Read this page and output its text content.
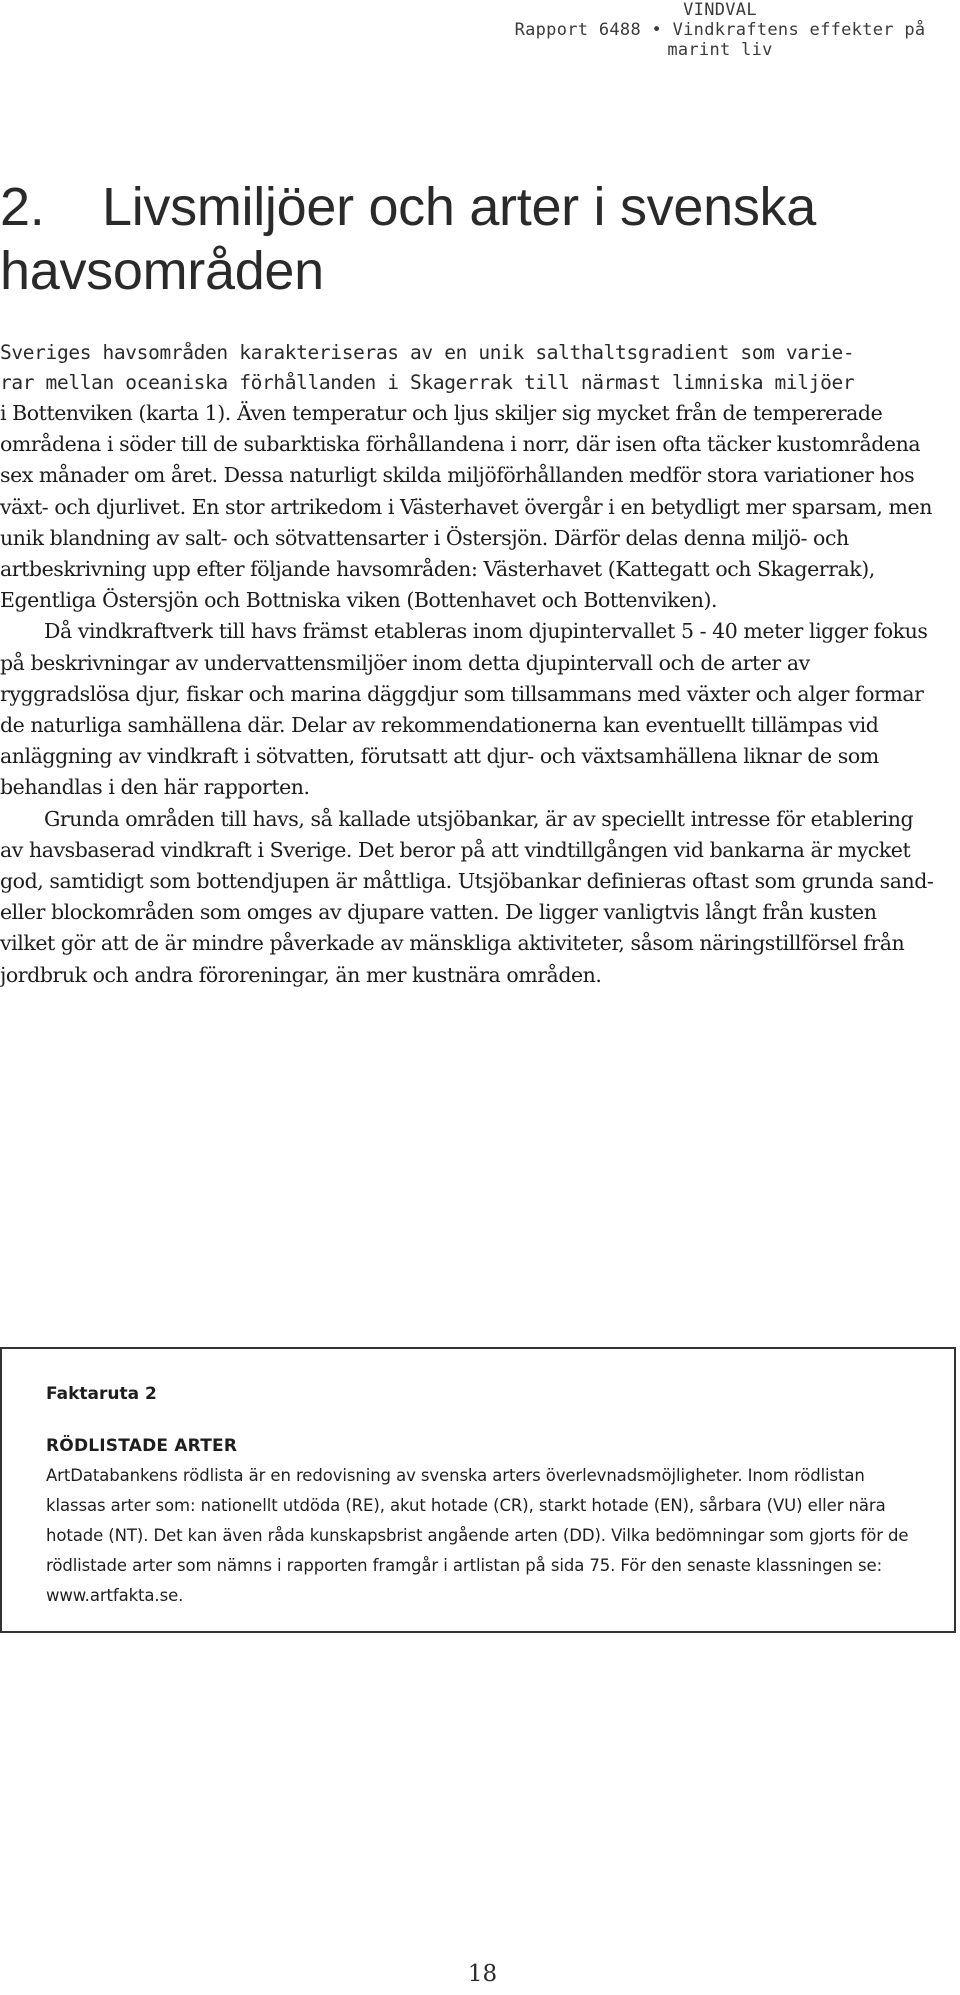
VINDVAL
Rapport 6488 • Vindkraftens effekter på marint liv
2. Livsmiljöer och arter i svenska
havsområden

Sveriges havsområden karakteriseras av en unik salthaltsgradient som varie-
rar mellan oceaniska förhållanden i Skagerrak till närmast limniska miljöer

i Bottenviken (karta 1). Även temperatur och ljus skiljer sig mycket från de tempererade områdena i söder till de subarktiska förhållandena i norr, där isen ofta täcker kustområdena sex månader om året. Dessa naturligt skilda miljöförhållanden medför stora variationer hos växt- och djurlivet. En stor artrikedom i Västerhavet övergår i en betydligt mer sparsam, men unik blandning av salt- och sötvattensarter i Östersjön. Därför delas denna miljö- och artbeskrivning upp efter följande havsområden: Västerhavet (Kattegatt och Skagerrak), Egentliga Östersjön och Bottniska viken (Bottenhavet och Bottenviken).

Då vindkraftverk till havs främst etableras inom djupintervallet 5 - 40 meter ligger fokus på beskrivningar av undervattensmiljöer inom detta djupintervall och de arter av ryggradslösa djur, fiskar och marina däggdjur som tillsammans med växter och alger formar de naturliga samhällena där. Delar av rekommendationerna kan eventuellt tillämpas vid anläggning av vindkraft i sötvatten, förutsatt att djur- och växtsamhällena liknar de som behandlas i den här rapporten.

Grunda områden till havs, så kallade utsjöbankar, är av speciellt intresse för etablering av havsbaserad vindkraft i Sverige. Det beror på att vindtillgången vid bankarna är mycket god, samtidigt som bottendjupen är måttliga. Utsjöbankar definieras oftast som grunda sand- eller blockområden som omges av djupare vatten. De ligger vanligtvis långt från kusten vilket gör att de är mindre påverkade av mänskliga aktiviteter, såsom näringstillförsel från jordbruk och andra föroreningar, än mer kustnära områden.

Faktaruta 2
RÖDLISTADE ARTER

ArtDatabankens rödlista är en redovisning av svenska arters överlevnadsmöjligheter. Inom rödlistan klassas arter som: nationellt utdöda (RE), akut hotade (CR), starkt hotade (EN), sårbara (VU) eller nära hotade (NT). Det kan även råda kunskapsbrist angående arten (DD). Vilka bedömningar som gjorts för de rödlistade arter som nämns i rapporten framgår i artlistan på sida 75. För den senaste klassningen se: www.artfakta.se.

18
